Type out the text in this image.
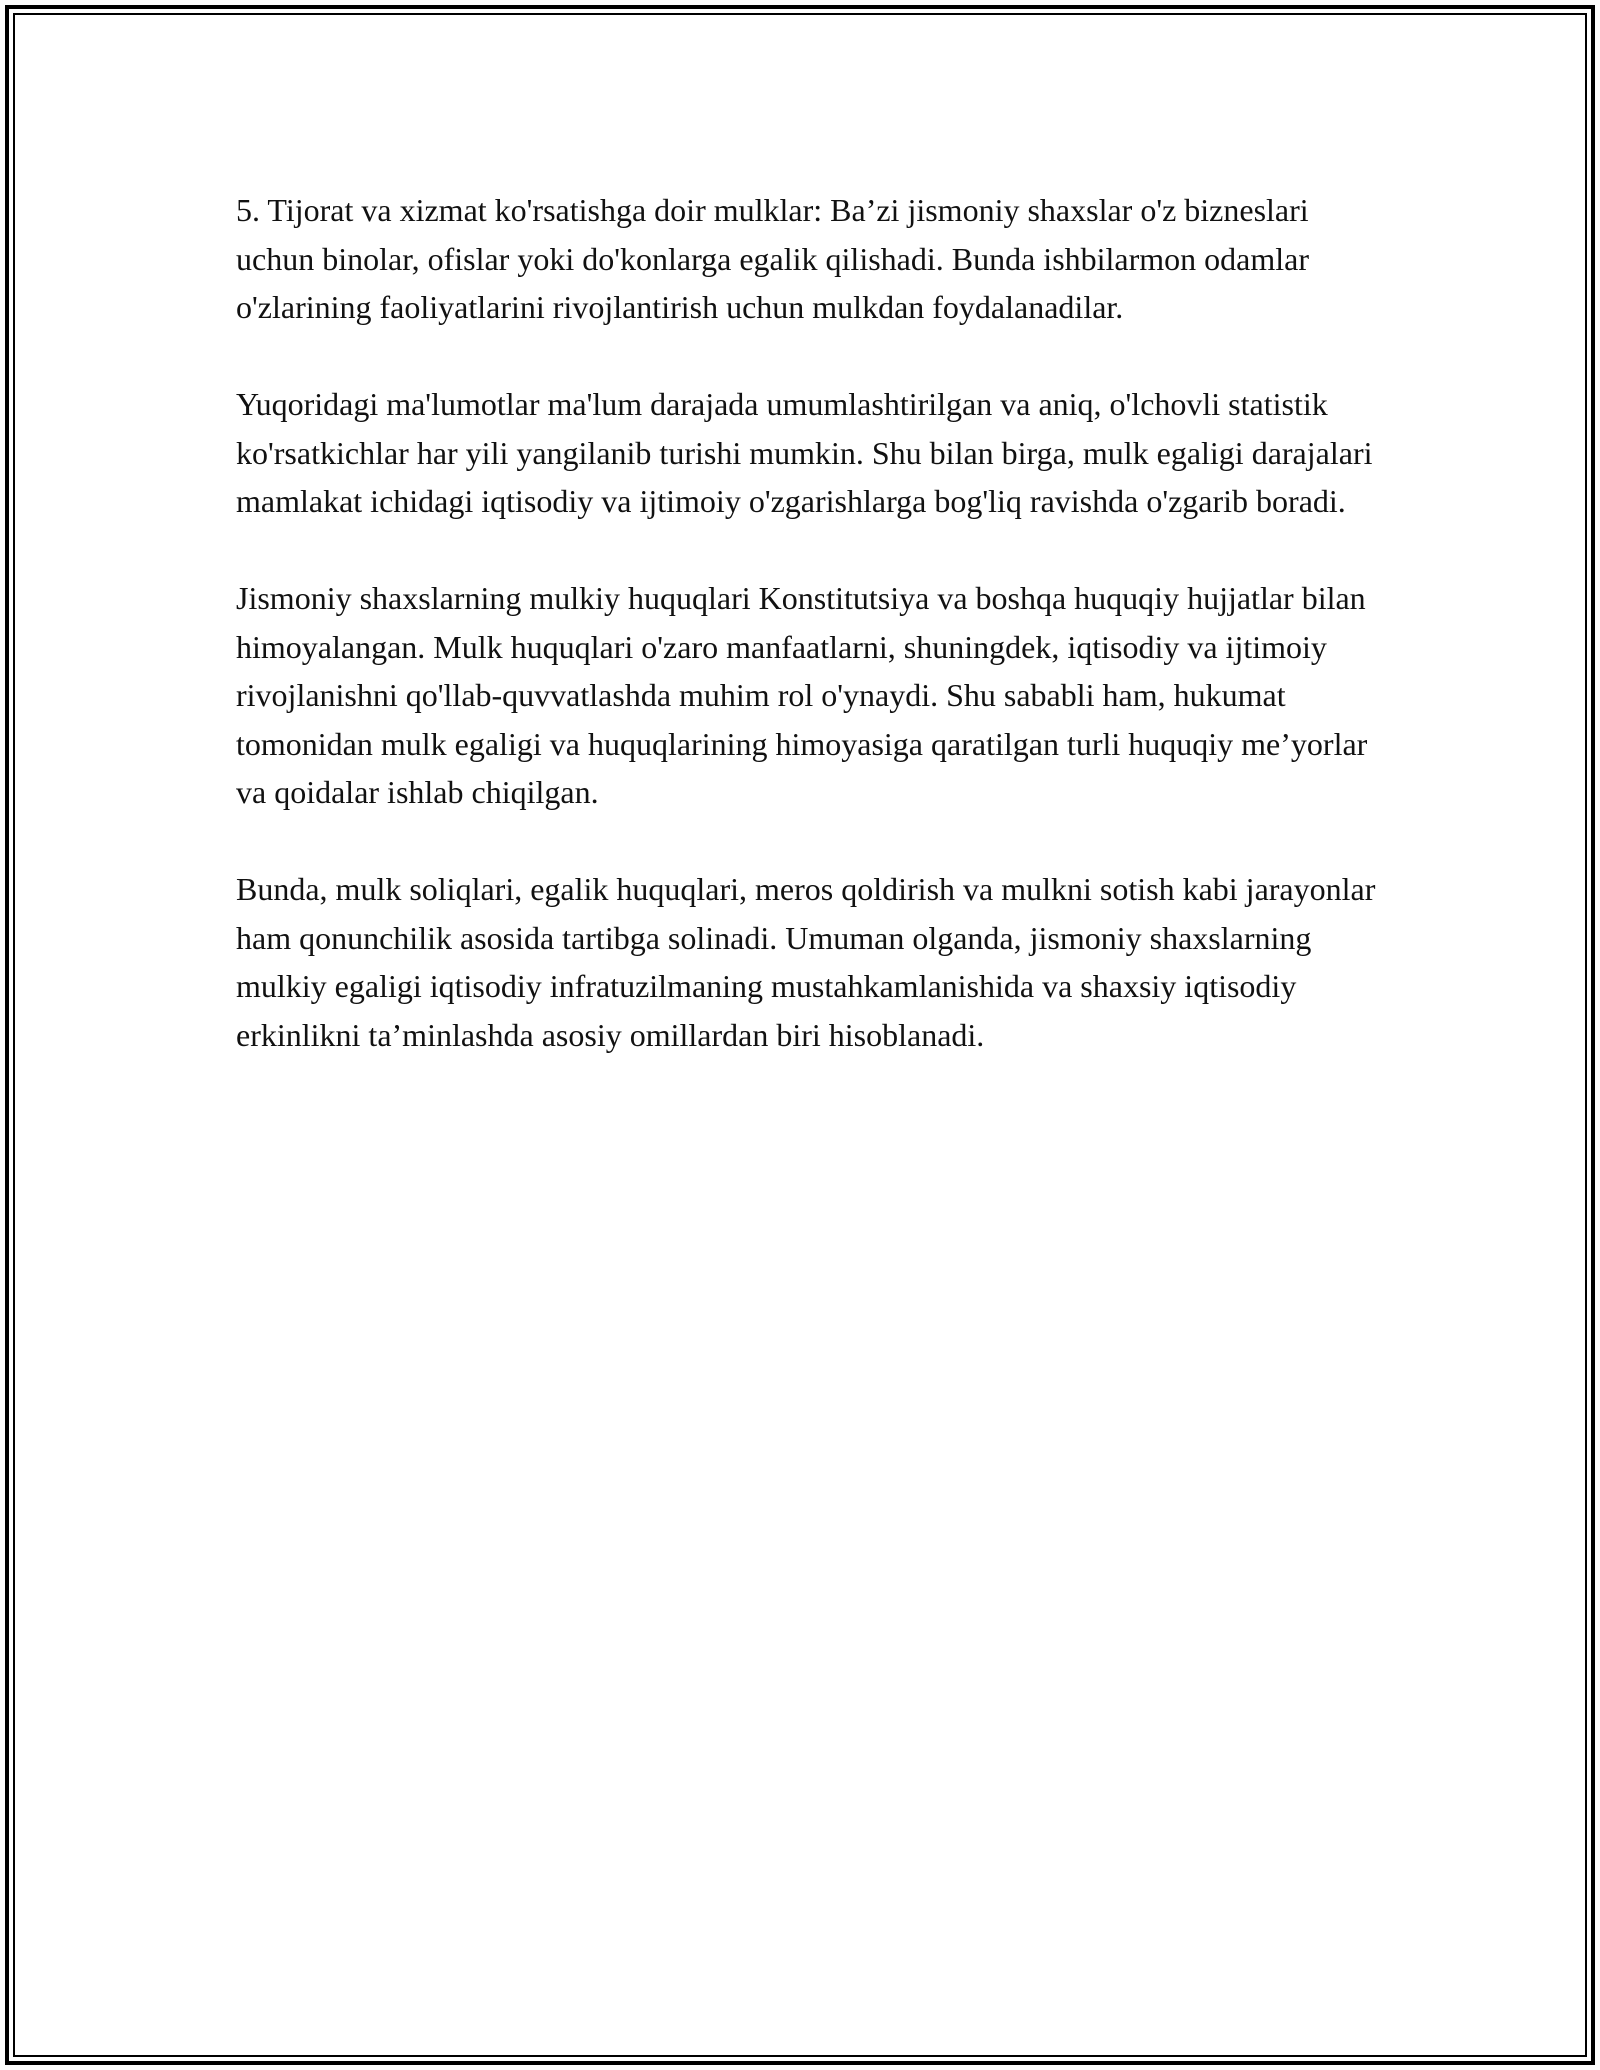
5. Tijorat va xizmat ko'rsatishga doir mulklar: Ba’zi jismoniy shaxslar o'z bizneslari uchun binolar, ofislar yoki do'konlarga egalik qilishadi. Bunda ishbilarmon odamlar o'zlarining faoliyatlarini rivojlantirish uchun mulkdan foydalanadilar.

Yuqoridagi ma'lumotlar ma'lum darajada umumlashtirilgan va aniq, o'lchovli statistik ko'rsatkichlar har yili yangilanib turishi mumkin. Shu bilan birga, mulk egaligi darajalari mamlakat ichidagi iqtisodiy va ijtimoiy o'zgarishlarga bog'liq ravishda o'zgarib boradi.

Jismoniy shaxslarning mulkiy huquqlari Konstitutsiya va boshqa huquqiy hujjatlar bilan himoyalangan. Mulk huquqlari o'zaro manfaatlarni, shuningdek, iqtisodiy va ijtimoiy rivojlanishni qo'llab-quvvatlashda muhim rol o'ynaydi. Shu sababli ham, hukumat tomonidan mulk egaligi va huquqlarining himoyasiga qaratilgan turli huquqiy me’yorlar va qoidalar ishlab chiqilgan.

Bunda, mulk soliqlari, egalik huquqlari, meros qoldirish va mulkni sotish kabi jarayonlar ham qonunchilik asosida tartibga solinadi. Umuman olganda, jismoniy shaxslarning mulkiy egaligi iqtisodiy infratuzilmaning mustahkamlanishida va shaxsiy iqtisodiy erkinlikni ta’minlashda asosiy omillardan biri hisoblanadi.
